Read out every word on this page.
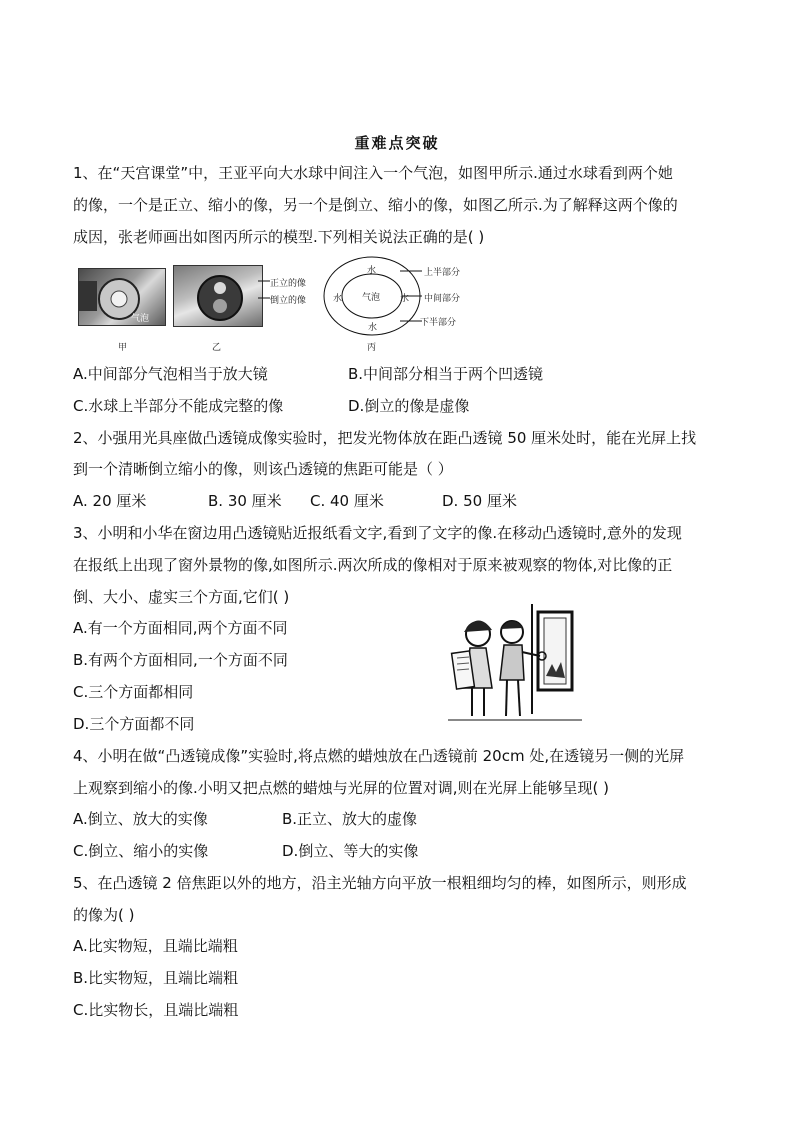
重难点突破
1、在“天宫课堂”中，王亚平向大水球中间注入一个气泡，如图甲所示.通过水球看到两个她
的像，一个是正立、缩小的像，另一个是倒立、缩小的像，如图乙所示.为了解释这两个像的
成因，张老师画出如图丙所示的模型.下列相关说法正确的是( )
气泡
甲
正立的像
倒立的像
乙
水
水 气泡 水
水
上半部分
中间部分
下半部分
丙
A.中间部分气泡相当于放大镜	B.中间部分相当于两个凹透镜
C.水球上半部分不能成完整的像	D.倒立的像是虚像
2、小强用光具座做凸透镜成像实验时，把发光物体放在距凸透镜 50 厘米处时，能在光屏上找
到一个清晰倒立缩小的像，则该凸透镜的焦距可能是（ ）
A. 20 厘米	B. 30 厘米 C. 40 厘米	D. 50 厘米
3、小明和小华在窗边用凸透镜贴近报纸看文字,看到了文字的像.在移动凸透镜时,意外的发现
在报纸上出现了窗外景物的像,如图所示.两次所成的像相对于原来被观察的物体,对比像的正
倒、大小、虚实三个方面,它们( )
A.有一个方面相同,两个方面不同
B.有两个方面相同,一个方面不同
C.三个方面都相同
D.三个方面都不同
4、小明在做“凸透镜成像”实验时,将点燃的蜡烛放在凸透镜前 20cm 处,在透镜另一侧的光屏
上观察到缩小的像.小明又把点燃的蜡烛与光屏的位置对调,则在光屏上能够呈现( )
A.倒立、放大的实像	B.正立、放大的虚像
C.倒立、缩小的实像	D.倒立、等大的实像
5、在凸透镜 2 倍焦距以外的地方，沿主光轴方向平放一根粗细均匀的棒，如图所示，则形成
的像为( )
A.比实物短，且端比端粗
B.比实物短，且端比端粗
C.比实物长，且端比端粗
